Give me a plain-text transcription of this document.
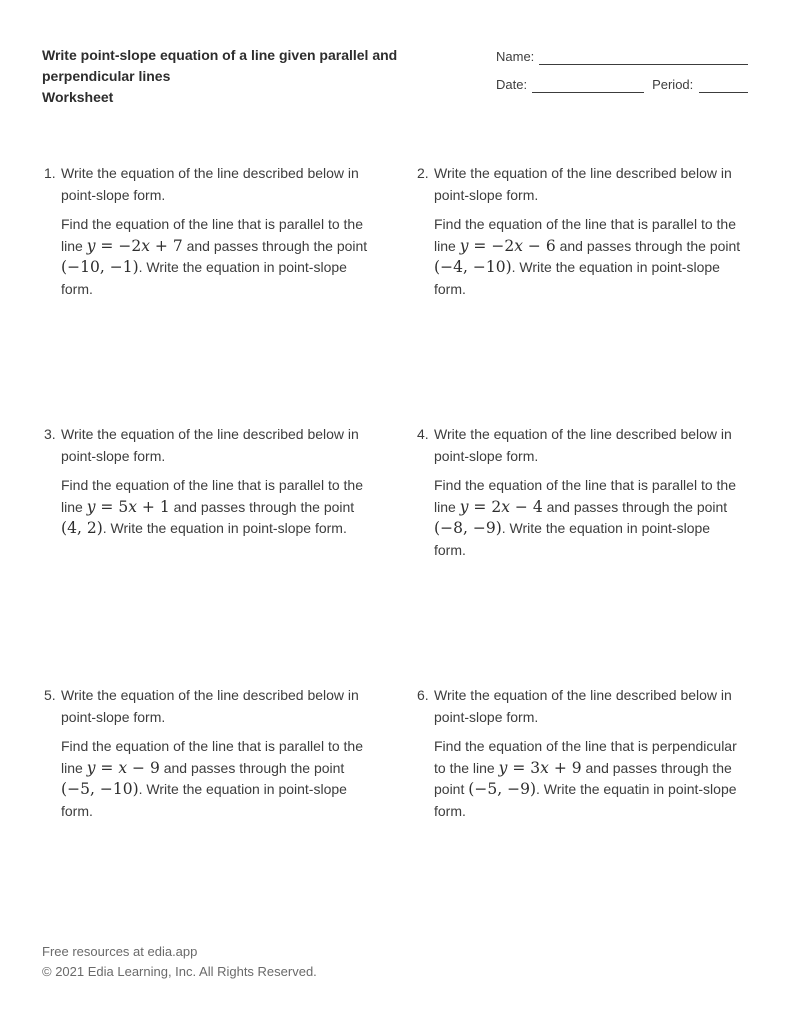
Write point-slope equation of a line given parallel and perpendicular lines
Worksheet
Name:
Date:	Period:
1. Write the equation of the line described below in point-slope form.

Find the equation of the line that is parallel to the line y = −2x + 7 and passes through the point (−10, −1). Write the equation in point-slope form.

2. Write the equation of the line described below in point-slope form.

Find the equation of the line that is parallel to the line y = −2x − 6 and passes through the point (−4, −10). Write the equation in point-slope form.

3. Write the equation of the line described below in point-slope form.

Find the equation of the line that is parallel to the line y = 5x + 1 and passes through the point (4, 2). Write the equation in point-slope form.

4. Write the equation of the line described below in point-slope form.

Find the equation of the line that is parallel to the line y = 2x − 4 and passes through the point (−8, −9). Write the equation in point-slope form.

5. Write the equation of the line described below in point-slope form.

Find the equation of the line that is parallel to the line y = x − 9 and passes through the point (−5, −10). Write the equation in point-slope form.

6. Write the equation of the line described below in point-slope form.

Find the equation of the line that is perpendicular to the line y = 3x + 9 and passes through the point (−5, −9). Write the equatin in point-slope form.

Free resources at edia.app
© 2021 Edia Learning, Inc. All Rights Reserved.
